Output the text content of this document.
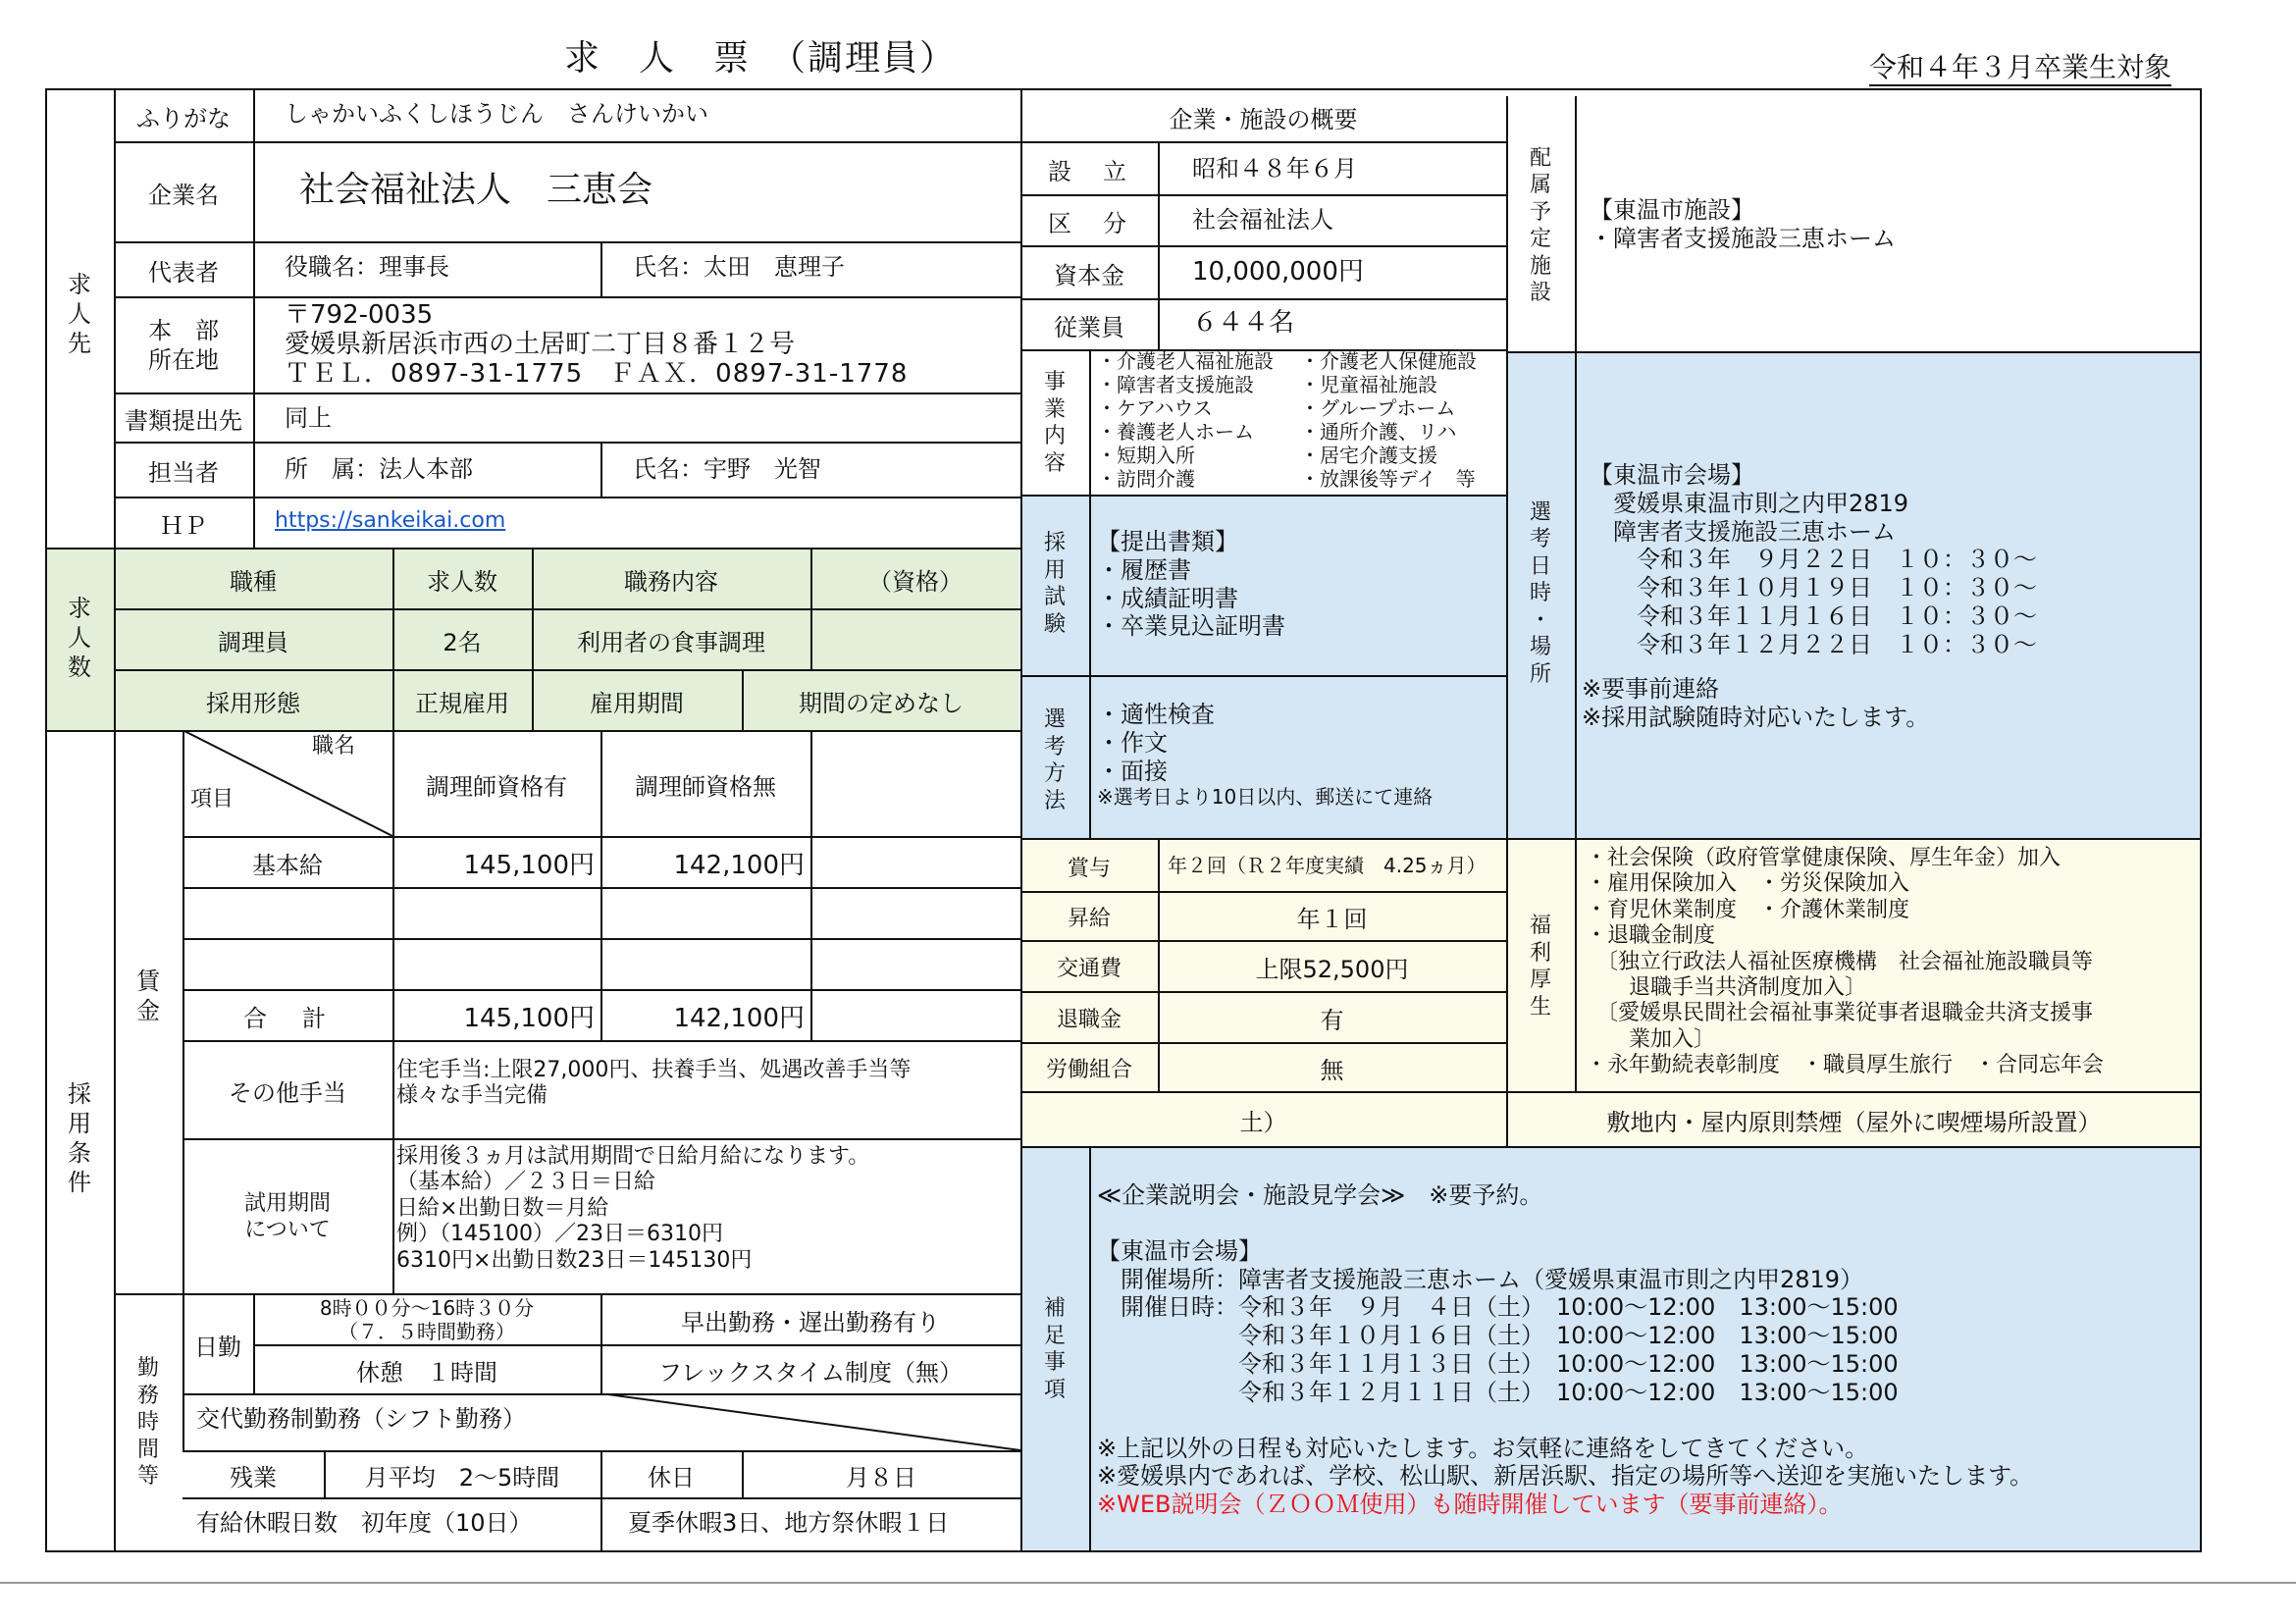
求　人　票　（調理員）	令和４年３月卒業生対象
求
人
先
ふりがな	しゃかいふくしほうじん　さんけいかい
企業名	社会福祉法人　三恵会
代表者	役職名：理事長	氏名：太田　恵理子
本　部
所在地
〒792-0035
愛媛県新居浜市西の土居町二丁目８番１２号
ＴＥＬ．0897-31-1775　ＦＡＸ．0897-31-1778
書類提出先	同上
担当者	所　属：法人本部	氏名：宇野　光智
ＨＰ	https://sankeikai.com
企業・施設の概要
設　立	昭和４８年６月
区　分	社会福祉法人
資本金	10,000,000円
従業員	６４４名
事
業
内
容
・介護老人福祉施設
・障害者支援施設
・ケアハウス
・養護老人ホーム
・短期入所
・訪問介護
・介護老人保健施設
・児童福祉施設
・グループホーム
・通所介護、リハ
・居宅介護支援
・放課後等デイ　等
配
属
予
定
施
設
【東温市施設】
・障害者支援施設三恵ホーム
採
用
試
験
【提出書類】
・履歴書
・成績証明書
・卒業見込証明書
選
考
方
法
・適性検査
・作文
・面接
※選考日より10日以内、郵送にて連絡
選
考
日
時
・
場
所
【東温市会場】
　愛媛県東温市則之内甲2819
　障害者支援施設三恵ホーム
　　令和３年　９月２２日　１０：３０～
　　令和３年１０月１９日　１０：３０～
　　令和３年１１月１６日　１０：３０～
　　令和３年１２月２２日　１０：３０～
※要事前連絡
※採用試験随時対応いたします。
求
人
数
職種	求人数	職務内容	（資格）
調理員	2名	利用者の食事調理
採用形態	正規雇用	雇用期間	期間の定めなし
採
用
条
件
職名
項目	調理師資格有	調理師資格無
賃
金
基本給	145,100円	142,100円
合　計	145,100円	142,100円
その他手当
住宅手当:上限27,000円、扶養手当、処遇改善手当等
様々な手当完備
試用期間
について
採用後３ヵ月は試用期間で日給月給になります。
（基本給）／２３日＝日給
日給×出勤日数＝月給
例）（145100）／23日＝6310円
6310円×出勤日数23日＝145130円
勤
務
時
間
等
日勤
8時００分～16時３０分
（７．５時間勤務）	早出勤務・遅出勤務有り
休憩　１時間	フレックスタイム制度（無）
交代勤務制勤務（シフト勤務）
残業	月平均　2～5時間	休日	月８日
有給休暇日数　初年度（10日）	夏季休暇3日、地方祭休暇１日
賞与	年２回（Ｒ２年度実績　4.25ヵ月）
昇給	年１回
交通費	上限52,500円
退職金	有
労働組合	無
土）
福
利
厚
生
・社会保険（政府管掌健康保険、厚生年金）加入
・雇用保険加入　・労災保険加入
・育児休業制度　・介護休業制度
・退職金制度
　〔独立行政法人福祉医療機構　社会福祉施設職員等
　　退職手当共済制度加入〕
　〔愛媛県民間社会福祉事業従事者退職金共済支援事
　　業加入〕
・永年勤続表彰制度　・職員厚生旅行　・合同忘年会
敷地内・屋内原則禁煙（屋外に喫煙場所設置）
補
足
事
項
≪企業説明会・施設見学会≫　※要予約。
【東温市会場】
　開催場所：障害者支援施設三恵ホーム（愛媛県東温市則之内甲2819）
　開催日時：令和３年　９月　４日（土）　10:00～12:00　13:00～15:00
　　　　　　令和３年１０月１６日（土）　10:00～12:00　13:00～15:00
　　　　　　令和３年１１月１３日（土）　10:00～12:00　13:00～15:00
　　　　　　令和３年１２月１１日（土）　10:00～12:00　13:00～15:00
※上記以外の日程も対応いたします。お気軽に連絡をしてきてください。
※愛媛県内であれば、学校、松山駅、新居浜駅、指定の場所等へ送迎を実施いたします。
※WEB説明会（ＺＯＯＭ使用）も随時開催しています（要事前連絡）。
